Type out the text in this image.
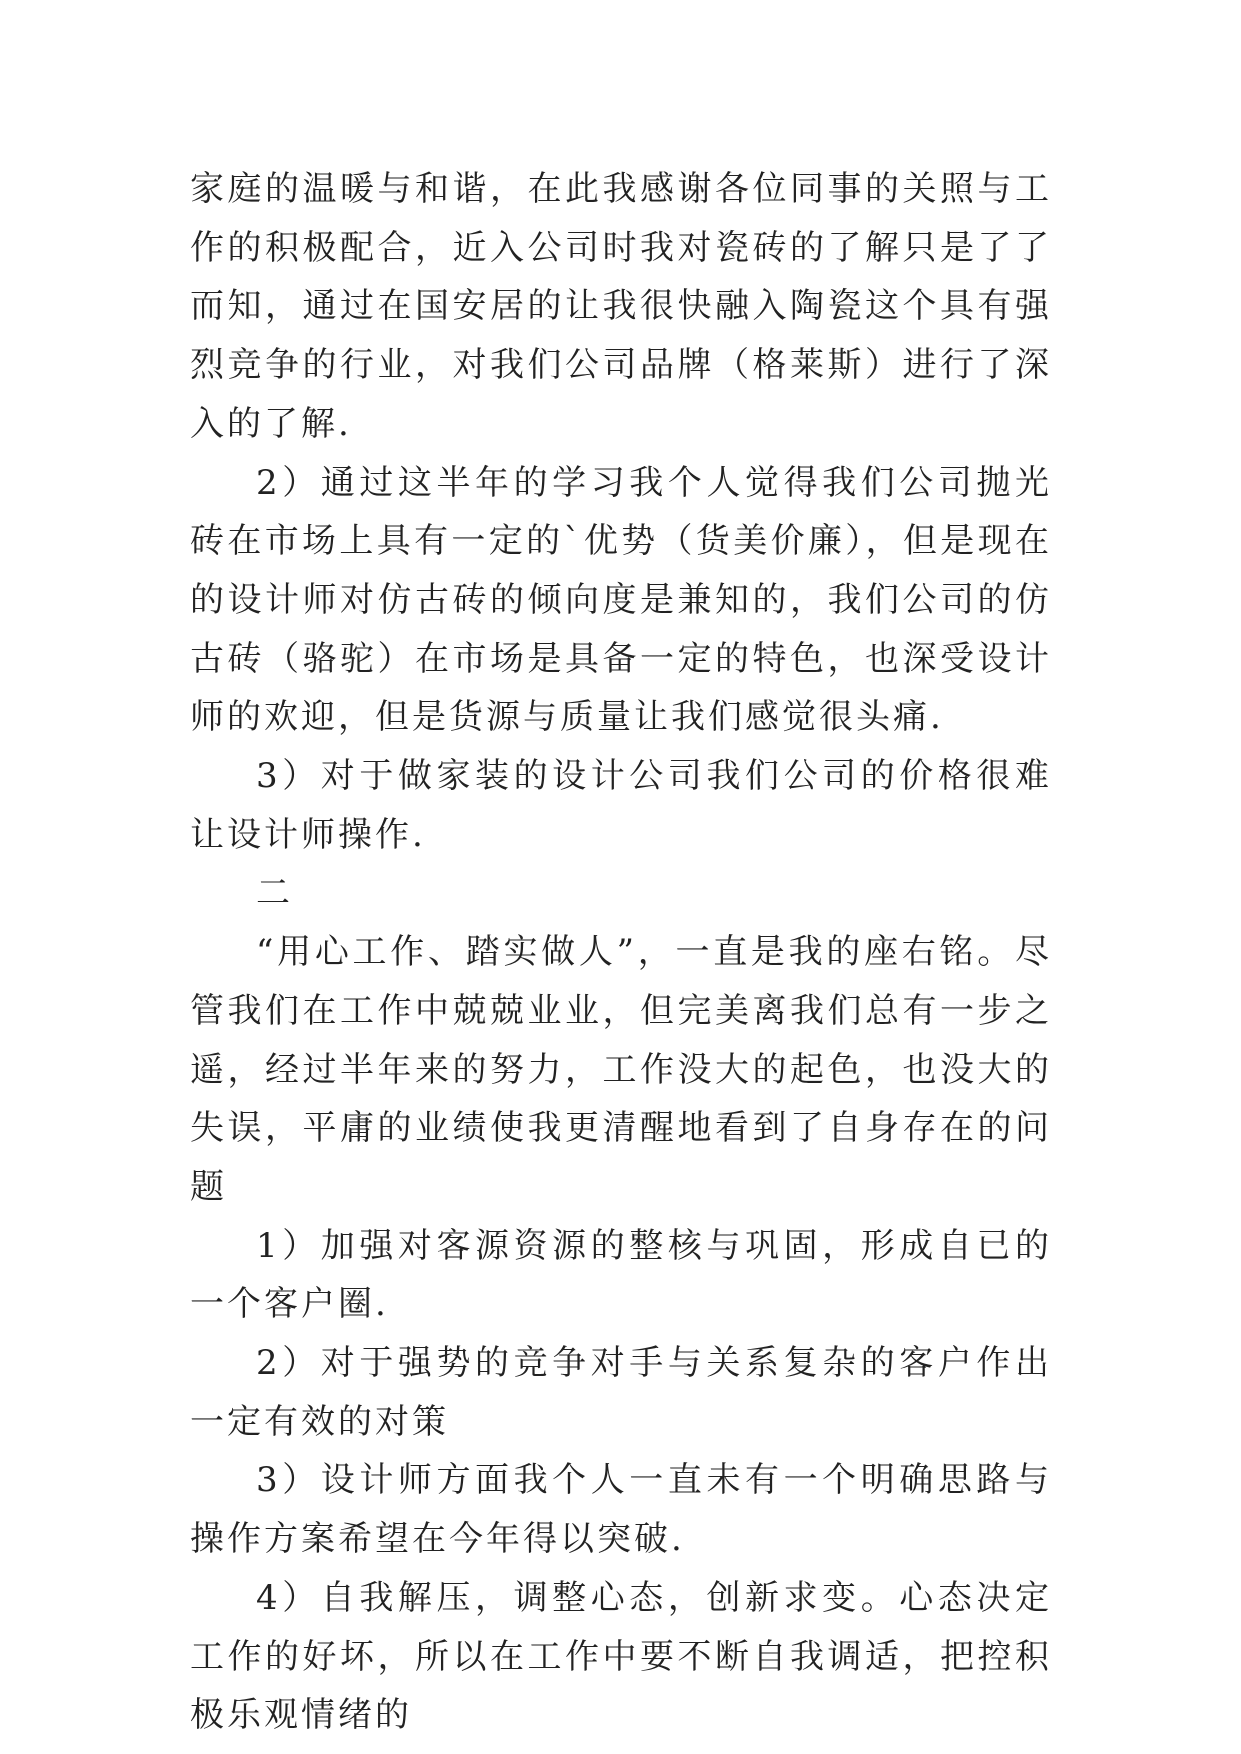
家庭的温暖与和谐，在此我感谢各位同事的关照与工作的积极配合，近入公司时我对瓷砖的了解只是了了而知，通过在国安居的让我很快融入陶瓷这个具有强烈竞争的行业，对我们公司品牌（格莱斯）进行了深入的了解.

2）通过这半年的学习我个人觉得我们公司抛光砖在市场上具有一定的`优势（货美价廉），但是现在的设计师对仿古砖的倾向度是兼知的，我们公司的仿古砖（骆驼）在市场是具备一定的特色，也深受设计师的欢迎，但是货源与质量让我们感觉很头痛.

3）对于做家装的设计公司我们公司的价格很难让设计师操作.

二

“用心工作、踏实做人”，一直是我的座右铭。尽管我们在工作中兢兢业业，但完美离我们总有一步之遥，经过半年来的努力，工作没大的起色，也没大的失误，平庸的业绩使我更清醒地看到了自身存在的问题

1）加强对客源资源的整核与巩固，形成自已的一个客户圈.

2）对于强势的竞争对手与关系复杂的客户作出一定有效的对策

3）设计师方面我个人一直未有一个明确思路与操作方案希望在今年得以突破.

4）自我解压，调整心态，创新求变。心态决定工作的好坏，所以在工作中要不断自我调适，把控积极乐观情绪的
